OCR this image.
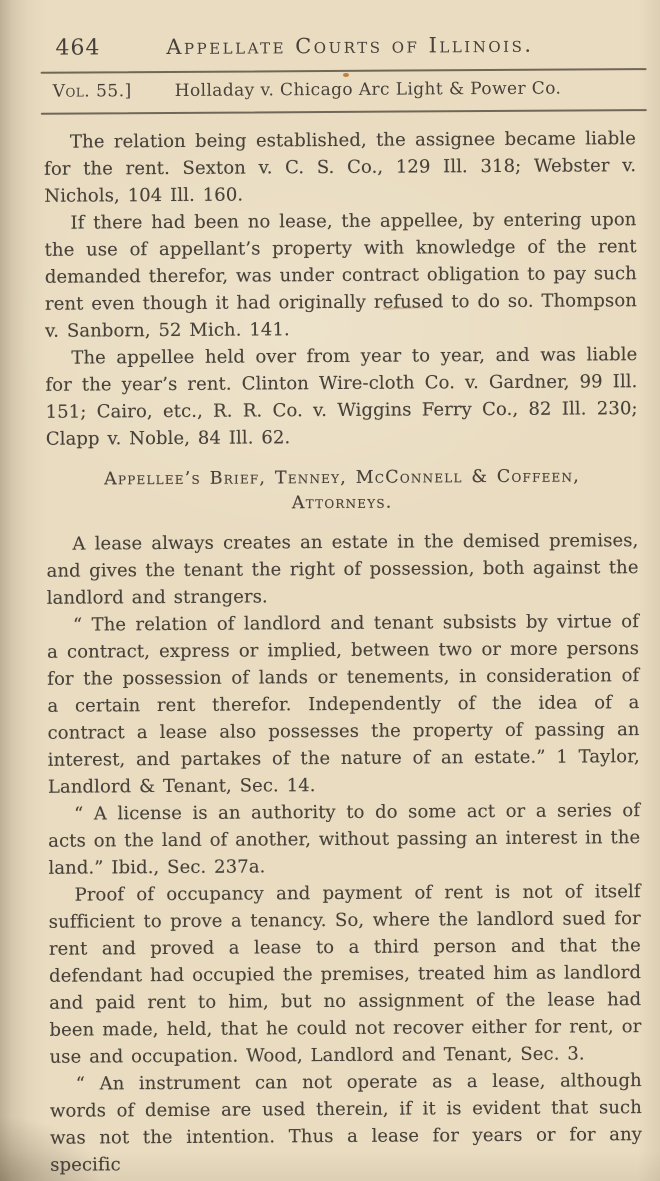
464	Appellate Courts of Illinois.
Vol. 55.]	Holladay v. Chicago Arc Light & Power Co.

The relation being established, the assignee became liable for the rent. Sexton v. C. S. Co., 129 Ill. 318; Webster v. Nichols, 104 Ill. 160.

If there had been no lease, the appellee, by entering upon the use of appellant’s property with knowledge of the rent demanded therefor, was under contract obligation to pay such rent even though it had originally refused to do so. Thompson v. Sanborn, 52 Mich. 141.

The appellee held over from year to year, and was liable for the year’s rent. Clinton Wire-cloth Co. v. Gardner, 99 Ill. 151; Cairo, etc., R. R. Co. v. Wiggins Ferry Co., 82 Ill. 230; Clapp v. Noble, 84 Ill. 62.

Appellee’s Brief, Tenney, McConnell & Coffeen,
Attorneys.

A lease always creates an estate in the demised premises, and gives the tenant the right of possession, both against the landlord and strangers.

“ The relation of landlord and tenant subsists by virtue of a contract, express or implied, between two or more persons for the possession of lands or tenements, in consideration of a certain rent therefor. Independently of the idea of a contract a lease also possesses the property of passing an interest, and partakes of the nature of an estate.” 1 Taylor, Landlord & Tenant, Sec. 14.

“ A license is an authority to do some act or a series of acts on the land of another, without passing an interest in the land.” Ibid., Sec. 237a.

Proof of occupancy and payment of rent is not of itself sufficient to prove a tenancy. So, where the landlord sued for rent and proved a lease to a third person and that the defendant had occupied the premises, treated him as landlord and paid rent to him, but no assignment of the lease had been made, held, that he could not recover either for rent, or use and occupation. Wood, Landlord and Tenant, Sec. 3.

“ An instrument can not operate as a lease, although words of demise are used therein, if it is evident that such was not the intention. Thus a lease for years or for any specific
